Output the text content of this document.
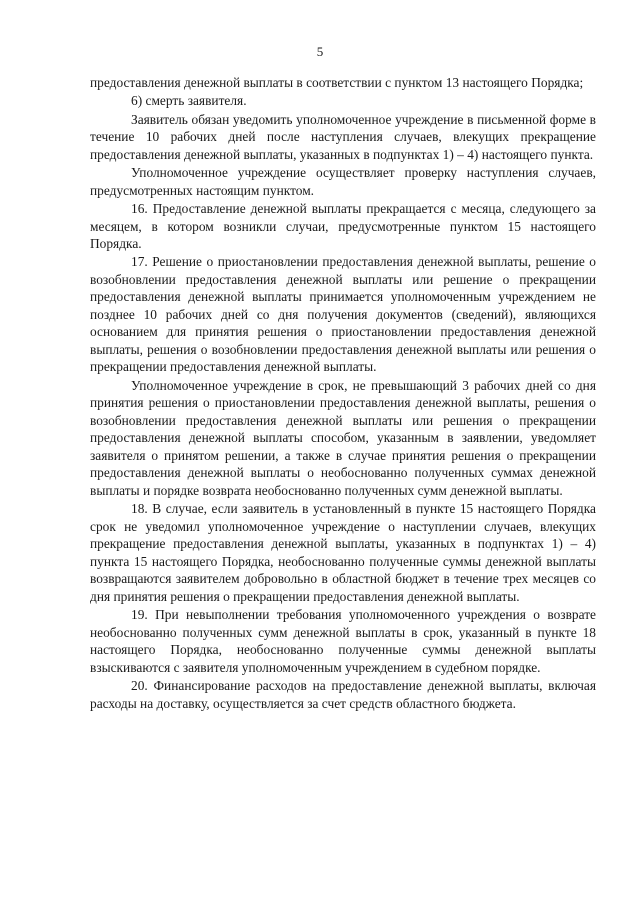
5

предоставления денежной выплаты в соответствии с пунктом 13 настоящего Порядка;

6) смерть заявителя.

Заявитель обязан уведомить уполномоченное учреждение в письменной форме в течение 10 рабочих дней после наступления случаев, влекущих прекращение предоставления денежной выплаты, указанных в подпунктах 1) – 4) настоящего пункта.

Уполномоченное учреждение осуществляет проверку наступления случаев, предусмотренных настоящим пунктом.

16. Предоставление денежной выплаты прекращается с месяца, следующего за месяцем, в котором возникли случаи, предусмотренные пунктом 15 настоящего Порядка.

17. Решение о приостановлении предоставления денежной выплаты, решение о возобновлении предоставления денежной выплаты или решение о прекращении предоставления денежной выплаты принимается уполномоченным учреждением не позднее 10 рабочих дней со дня получения документов (сведений), являющихся основанием для принятия решения о приостановлении предоставления денежной выплаты, решения о возобновлении предоставления денежной выплаты или решения о прекращении предоставления денежной выплаты.

Уполномоченное учреждение в срок, не превышающий 3 рабочих дней со дня принятия решения о приостановлении предоставления денежной выплаты, решения о возобновлении предоставления денежной выплаты или решения о прекращении предоставления денежной выплаты способом, указанным в заявлении, уведомляет заявителя о принятом решении, а также в случае принятия решения о прекращении предоставления денежной выплаты о необоснованно полученных суммах денежной выплаты и порядке возврата необоснованно полученных сумм денежной выплаты.

18. В случае, если заявитель в установленный в пункте 15 настоящего Порядка срок не уведомил уполномоченное учреждение о наступлении случаев, влекущих прекращение предоставления денежной выплаты, указанных в подпунктах 1) – 4) пункта 15 настоящего Порядка, необоснованно полученные суммы денежной выплаты возвращаются заявителем добровольно в областной бюджет в течение трех месяцев со дня принятия решения о прекращении предоставления денежной выплаты.

19. При невыполнении требования уполномоченного учреждения о возврате необоснованно полученных сумм денежной выплаты в срок, указанный в пункте 18 настоящего Порядка, необоснованно полученные суммы денежной выплаты взыскиваются с заявителя уполномоченным учреждением в судебном порядке.

20. Финансирование расходов на предоставление денежной выплаты, включая расходы на доставку, осуществляется за счет средств областного бюджета.
